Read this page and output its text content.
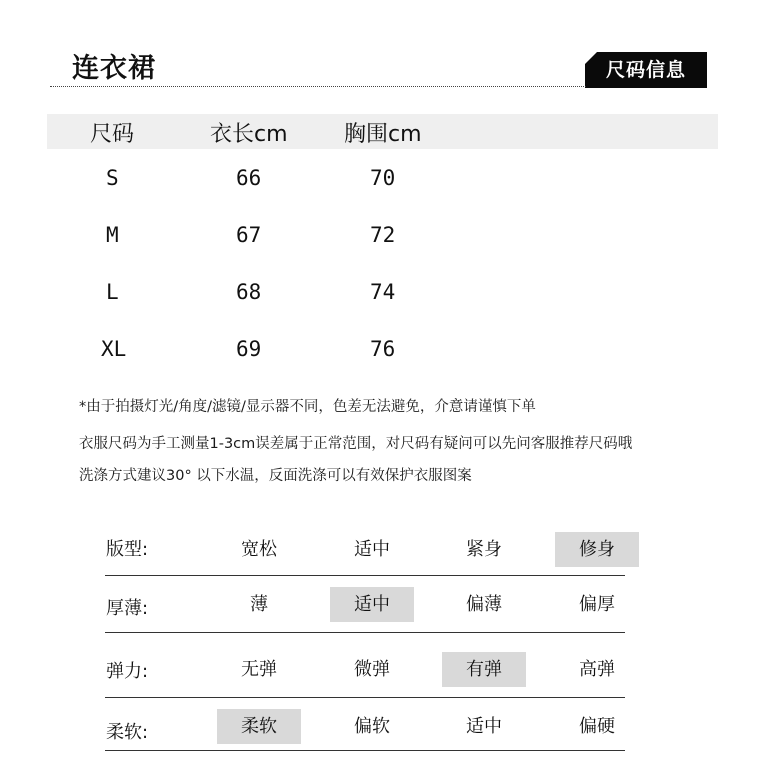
连衣裙	尺码信息
尺码	衣长cm	胸围cm
S	66	70
M	67	72
L	68	74
XL	69	76
*由于拍摄灯光/角度/滤镜/显示器不同，色差无法避免，介意请谨慎下单
衣服尺码为手工测量1-3cm误差属于正常范围，对尺码有疑问可以先问客服推荐尺码哦
洗涤方式建议30° 以下水温，反面洗涤可以有效保护衣服图案
版型:	宽松	适中	紧身	修身
厚薄:	薄	适中	偏薄	偏厚
弹力:	无弹	微弹	有弹	高弹
柔软:	柔软	偏软	适中	偏硬
